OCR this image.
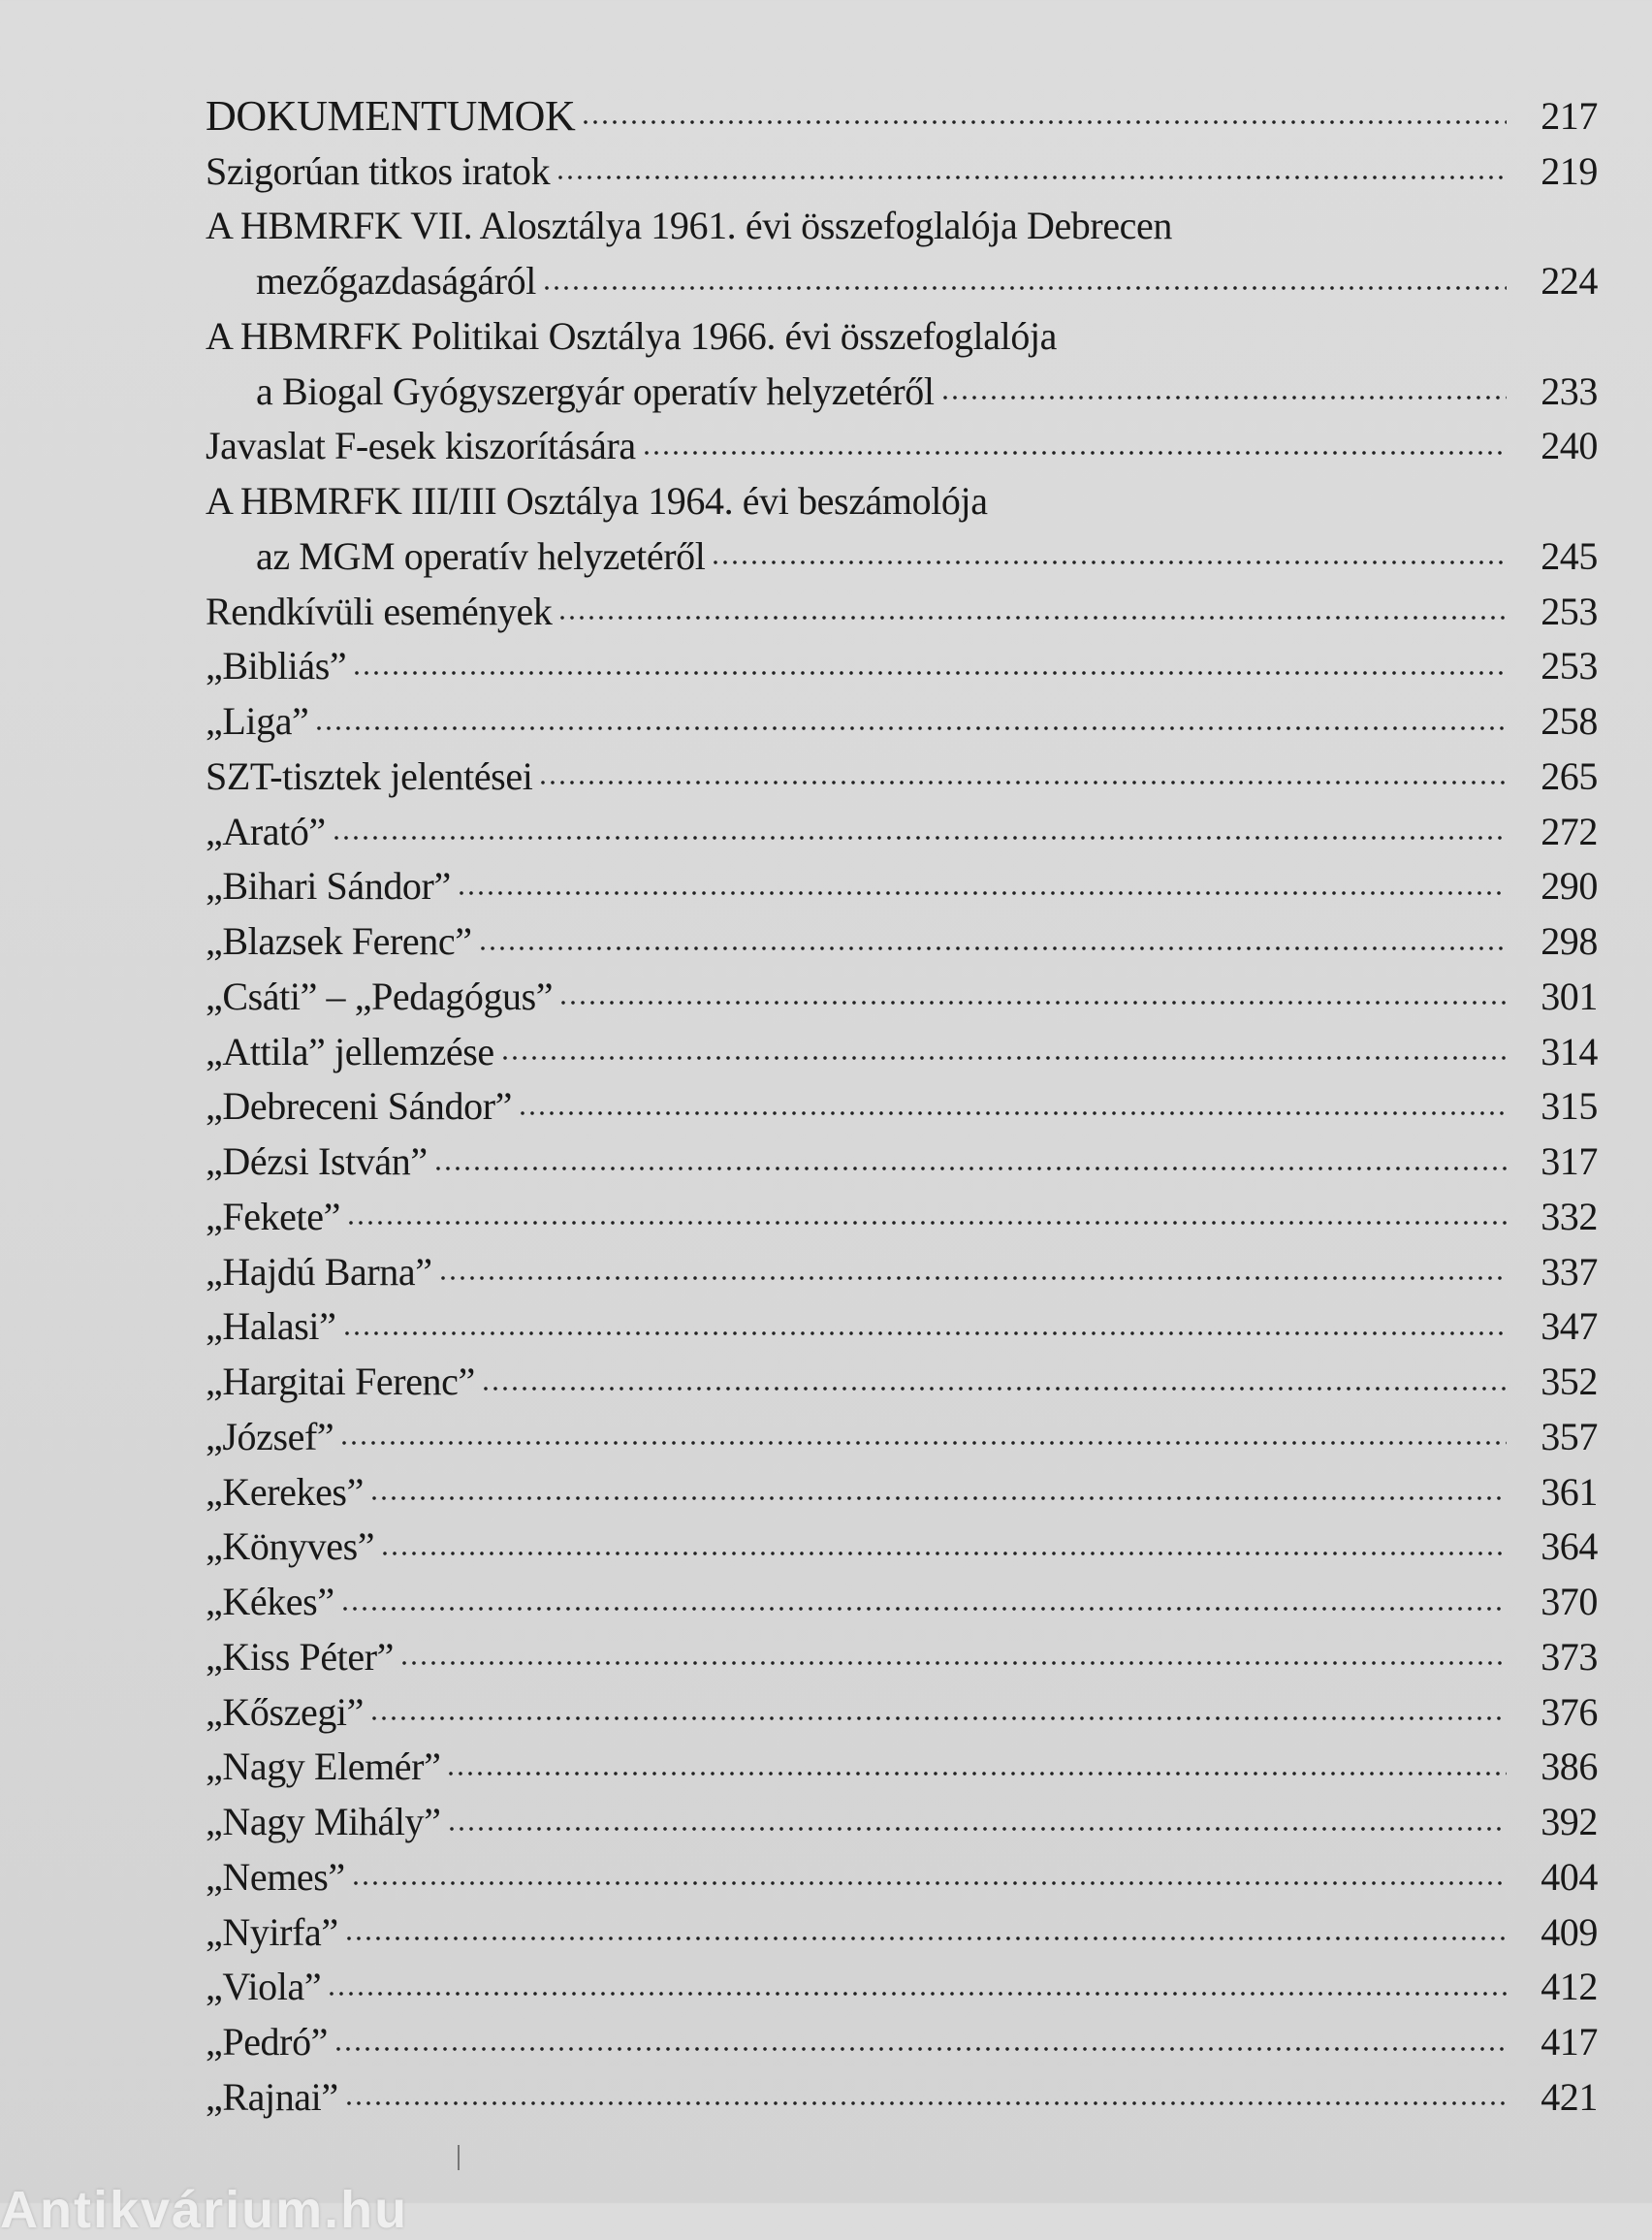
DOKUMENTUMOK	217
Szigorúan titkos iratok	219
A HBMRFK VII. Alosztálya 1961. évi összefoglalója Debrecen
mezőgazdaságáról	224
A HBMRFK Politikai Osztálya 1966. évi összefoglalója
a Biogal Gyógyszergyár operatív helyzetéről	233
Javaslat F-esek kiszorítására	240
A HBMRFK III/III Osztálya 1964. évi beszámolója
az MGM operatív helyzetéről	245
Rendkívüli események	253
„Bibliás”	253
„Liga”	258
SZT-tisztek jelentései	265
„Arató”	272
„Bihari Sándor”	290
„Blazsek Ferenc”	298
„Csáti” – „Pedagógus”	301
„Attila” jellemzése	314
„Debreceni Sándor”	315
„Dézsi István”	317
„Fekete”	332
„Hajdú Barna”	337
„Halasi”	347
„Hargitai Ferenc”	352
„József”	357
„Kerekes”	361
„Könyves”	364
„Kékes”	370
„Kiss Péter”	373
„Kőszegi”	376
„Nagy Elemér”	386
„Nagy Mihály”	392
„Nemes”	404
„Nyirfa”	409
„Viola”	412
„Pedró”	417
„Rajnai”	421
Antikvárium.hu
